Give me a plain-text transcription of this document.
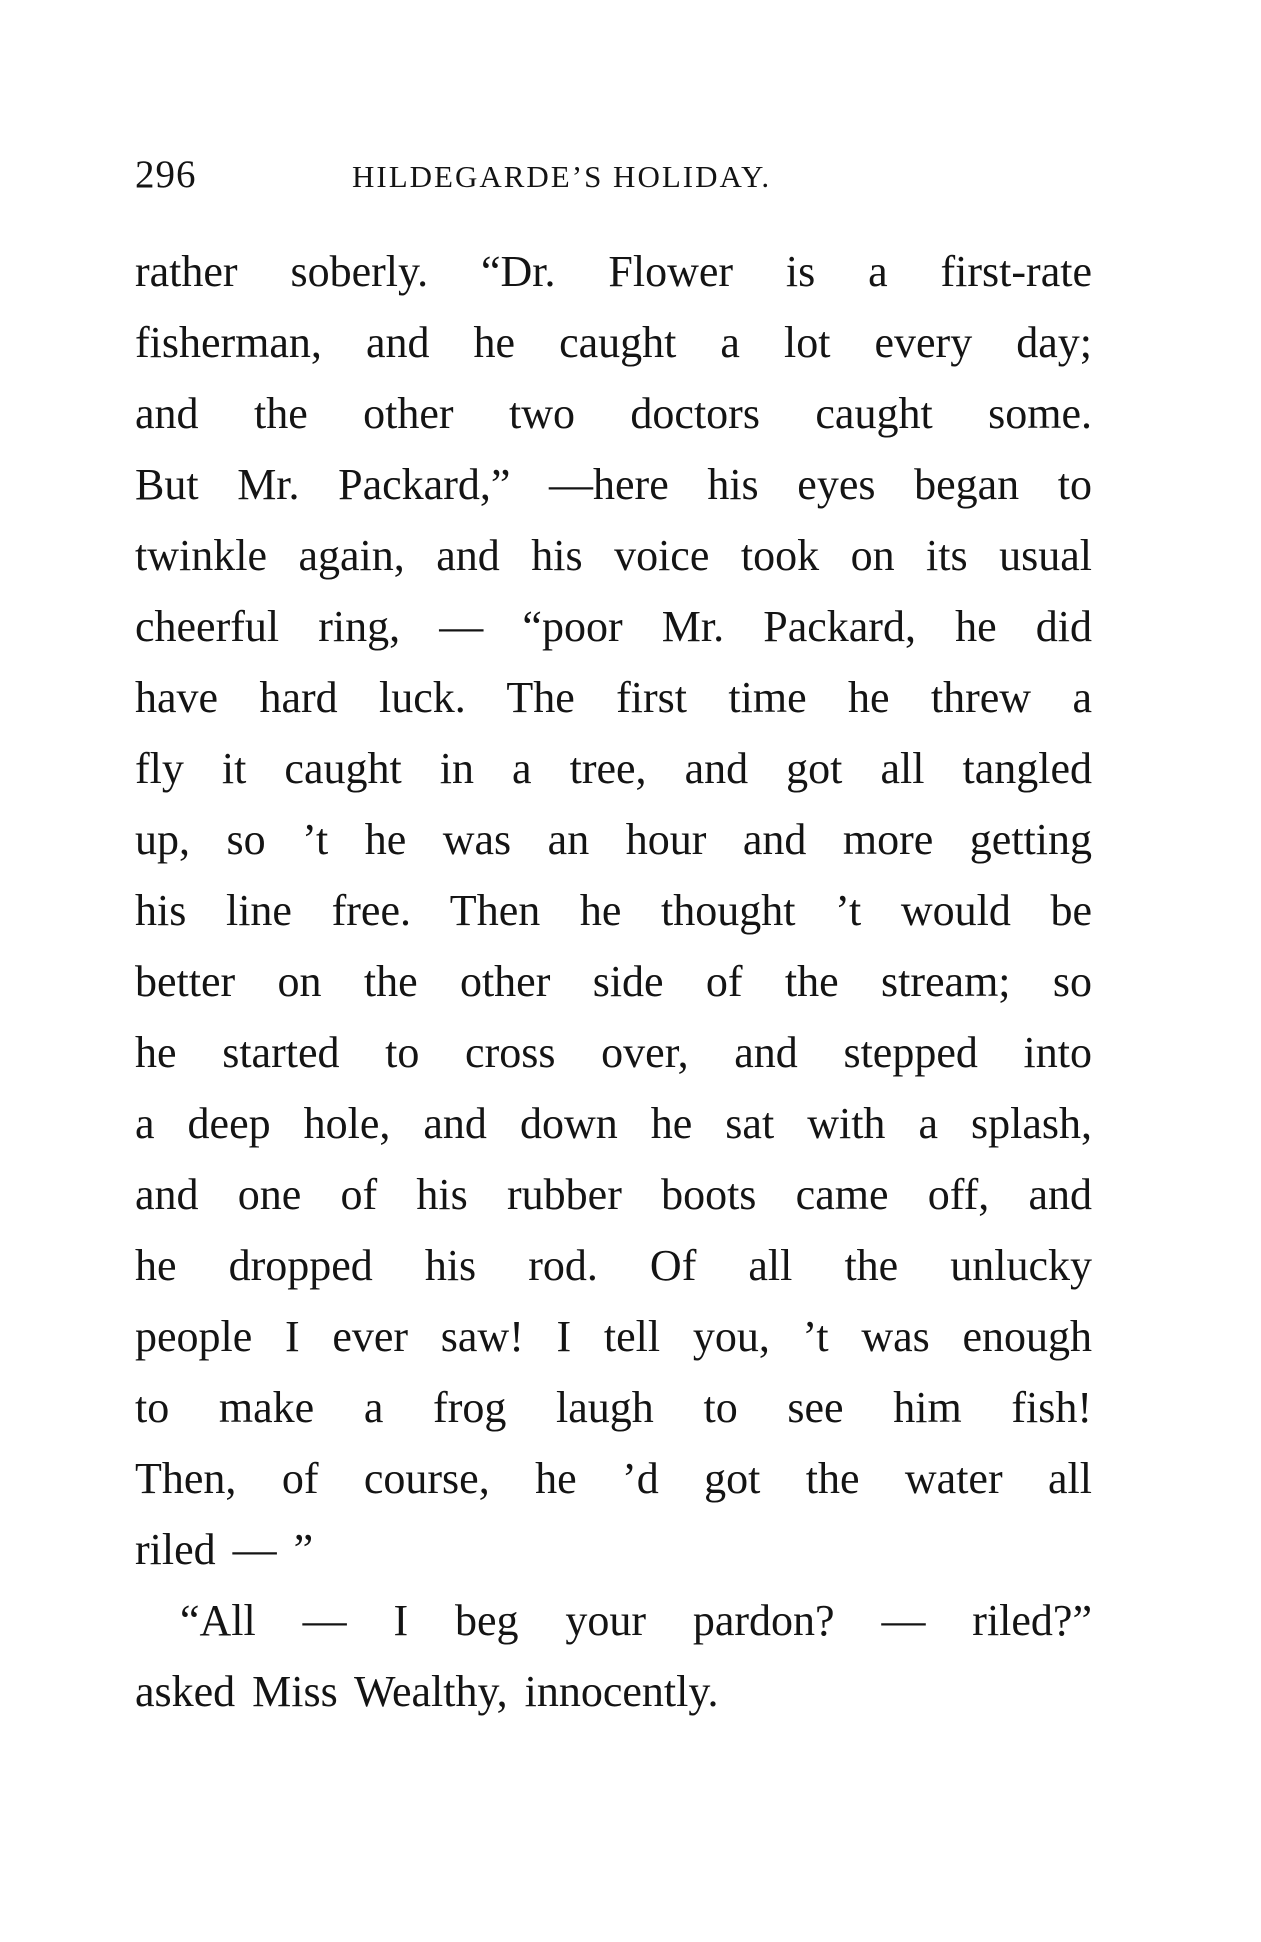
296	HILDEGARDE’S HOLIDAY.
rather soberly. “Dr. Flower is a first-rate
fisherman, and he caught a lot every day;
and the other two doctors caught some.
But Mr. Packard,” —here his eyes began to
twinkle again, and his voice took on its usual
cheerful ring, — “poor Mr. Packard, he did
have hard luck. The first time he threw a
fly it caught in a tree, and got all tangled
up, so ’t he was an hour and more getting
his line free. Then he thought ’t would be
better on the other side of the stream; so
he started to cross over, and stepped into
a deep hole, and down he sat with a splash,
and one of his rubber boots came off, and
he dropped his rod. Of all the unlucky
people I ever saw! I tell you, ’t was enough
to make a frog laugh to see him fish!
Then, of course, he ’d got the water all
riled — ”
“All — I beg your pardon? — riled?”
asked Miss Wealthy, innocently.
